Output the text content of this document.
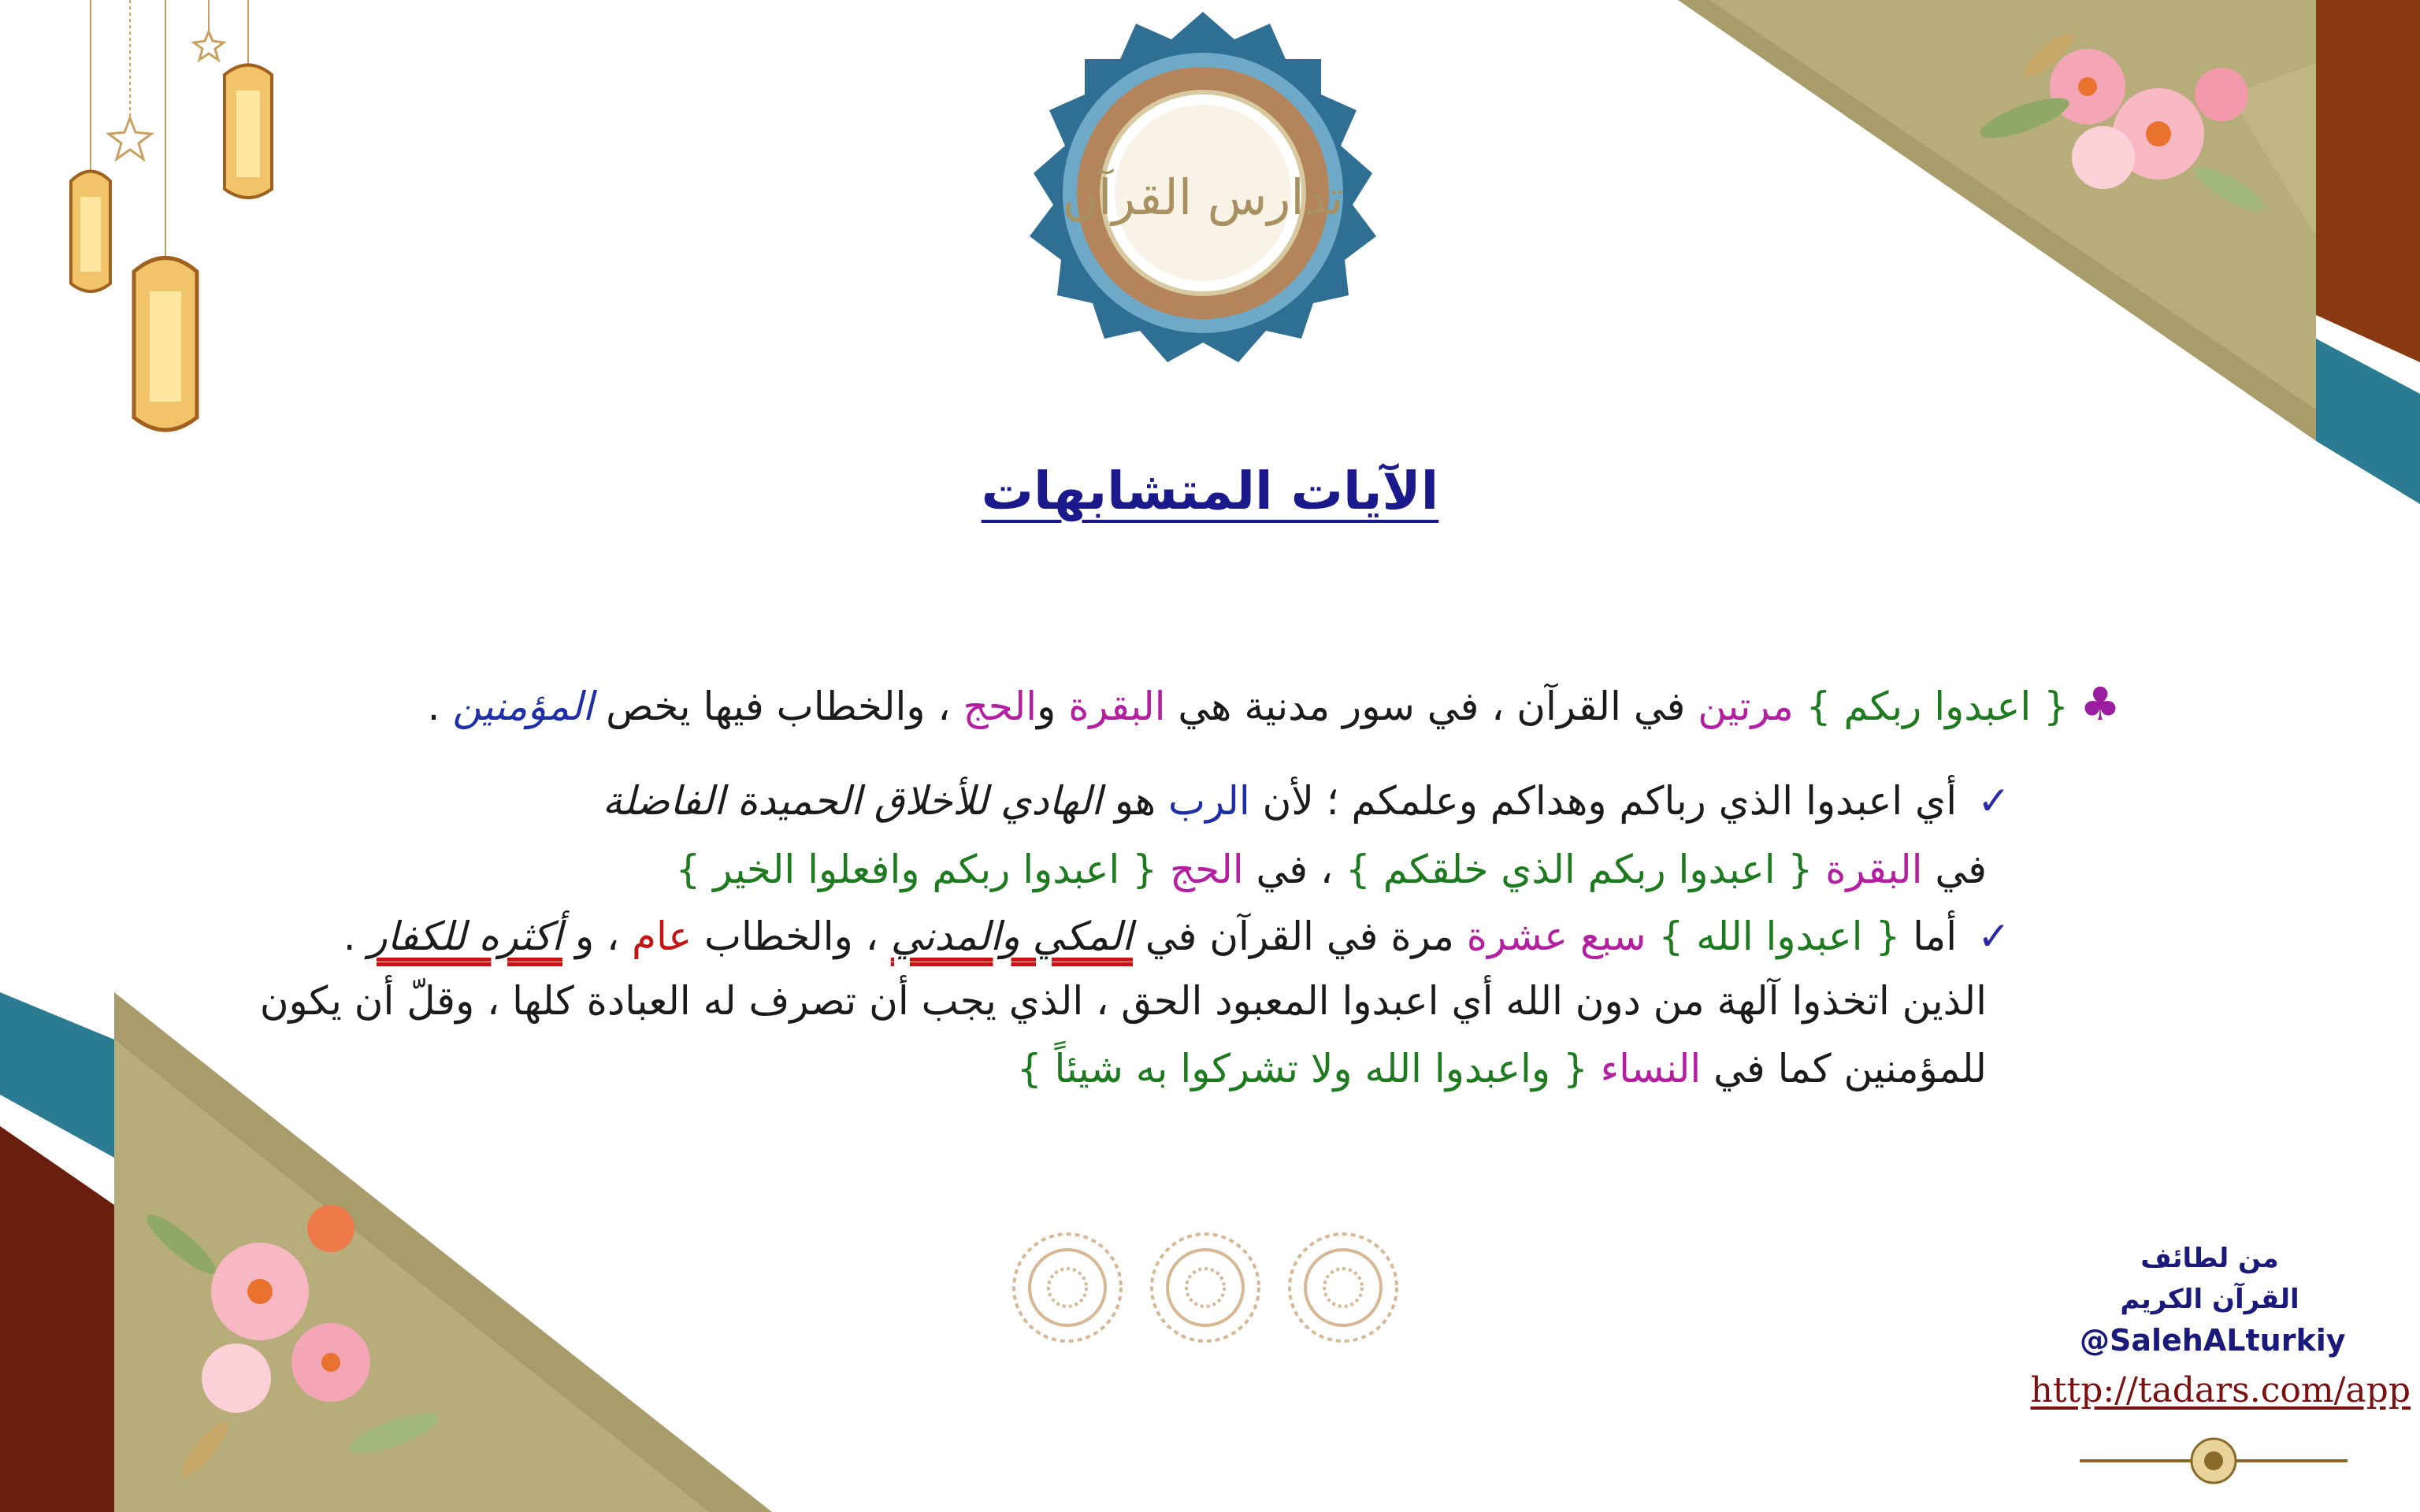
تدارس القرآن
الآيات المتشابهات
♣{ اعبدوا ربكم } مرتين في القرآن ، في سور مدنية هي البقرة والحج ، والخطاب فيها يخص المؤمنين .
✓أي اعبدوا الذي رباكم وهداكم وعلمكم ؛ لأن الرب هو الهادي للأخلاق الحميدة الفاضلة
في البقرة { اعبدوا ربكم الذي خلقكم } ، في الحج { اعبدوا ربكم وافعلوا الخير }
✓أما { اعبدوا الله } سبع عشرة مرة في القرآن في المكي والمدني ، والخطاب عام ، و أكثره للكفار .
الذين اتخذوا آلهة من دون الله أي اعبدوا المعبود الحق ، الذي يجب أن تصرف له العبادة كلها ، وقلّ أن يكون
للمؤمنين كما في النساء { واعبدوا الله ولا تشركوا به شيئاً }
من لطائف
القرآن الكريم
@SalehALturkiy
http://tadars.com/app
